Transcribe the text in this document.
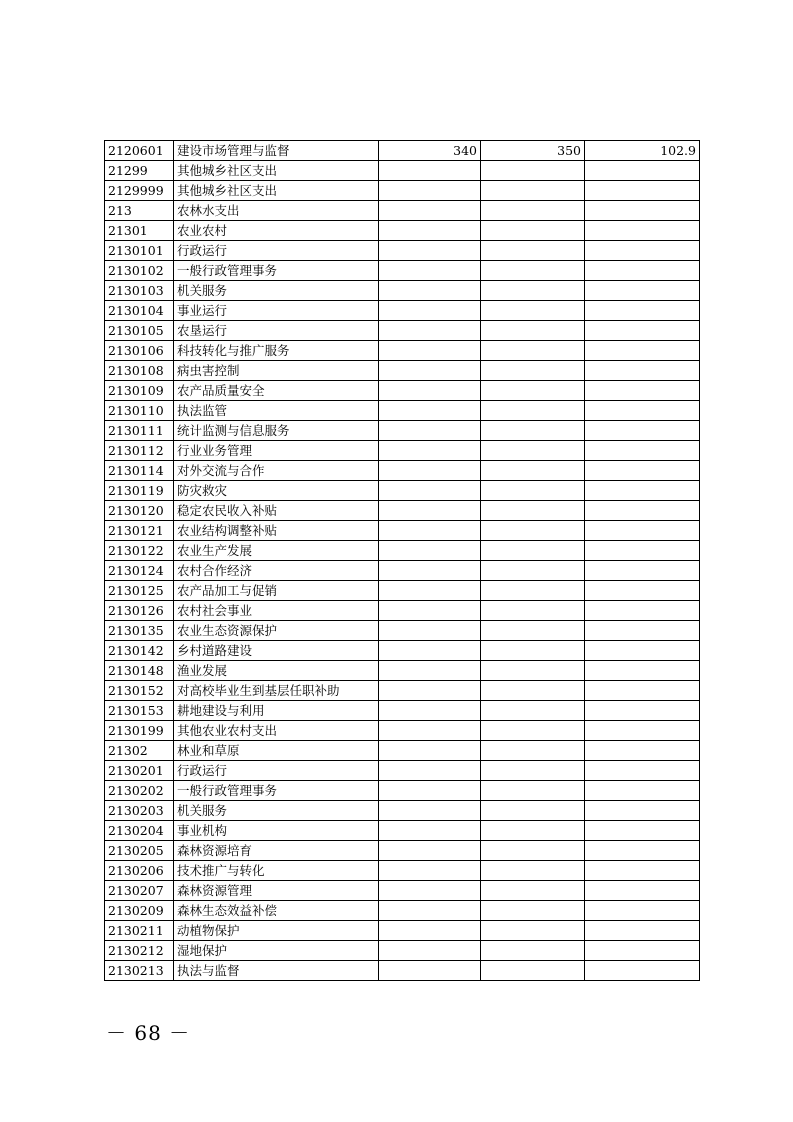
2120601	建设市场管理与监督	340	350	102.9
21299	其他城乡社区支出			
2129999	其他城乡社区支出			
213	农林水支出			
21301	农业农村			
2130101	行政运行			
2130102	一般行政管理事务			
2130103	机关服务			
2130104	事业运行			
2130105	农垦运行			
2130106	科技转化与推广服务			
2130108	病虫害控制			
2130109	农产品质量安全			
2130110	执法监管			
2130111	统计监测与信息服务			
2130112	行业业务管理			
2130114	对外交流与合作			
2130119	防灾救灾			
2130120	稳定农民收入补贴			
2130121	农业结构调整补贴			
2130122	农业生产发展			
2130124	农村合作经济			
2130125	农产品加工与促销			
2130126	农村社会事业			
2130135	农业生态资源保护			
2130142	乡村道路建设			
2130148	渔业发展			
2130152	对高校毕业生到基层任职补助			
2130153	耕地建设与利用			
2130199	其他农业农村支出			
21302	林业和草原			
2130201	行政运行			
2130202	一般行政管理事务			
2130203	机关服务			
2130204	事业机构			
2130205	森林资源培育			
2130206	技术推广与转化			
2130207	森林资源管理			
2130209	森林生态效益补偿			
2130211	动植物保护			
2130212	湿地保护			
2130213	执法与监督			
－ 68 －
